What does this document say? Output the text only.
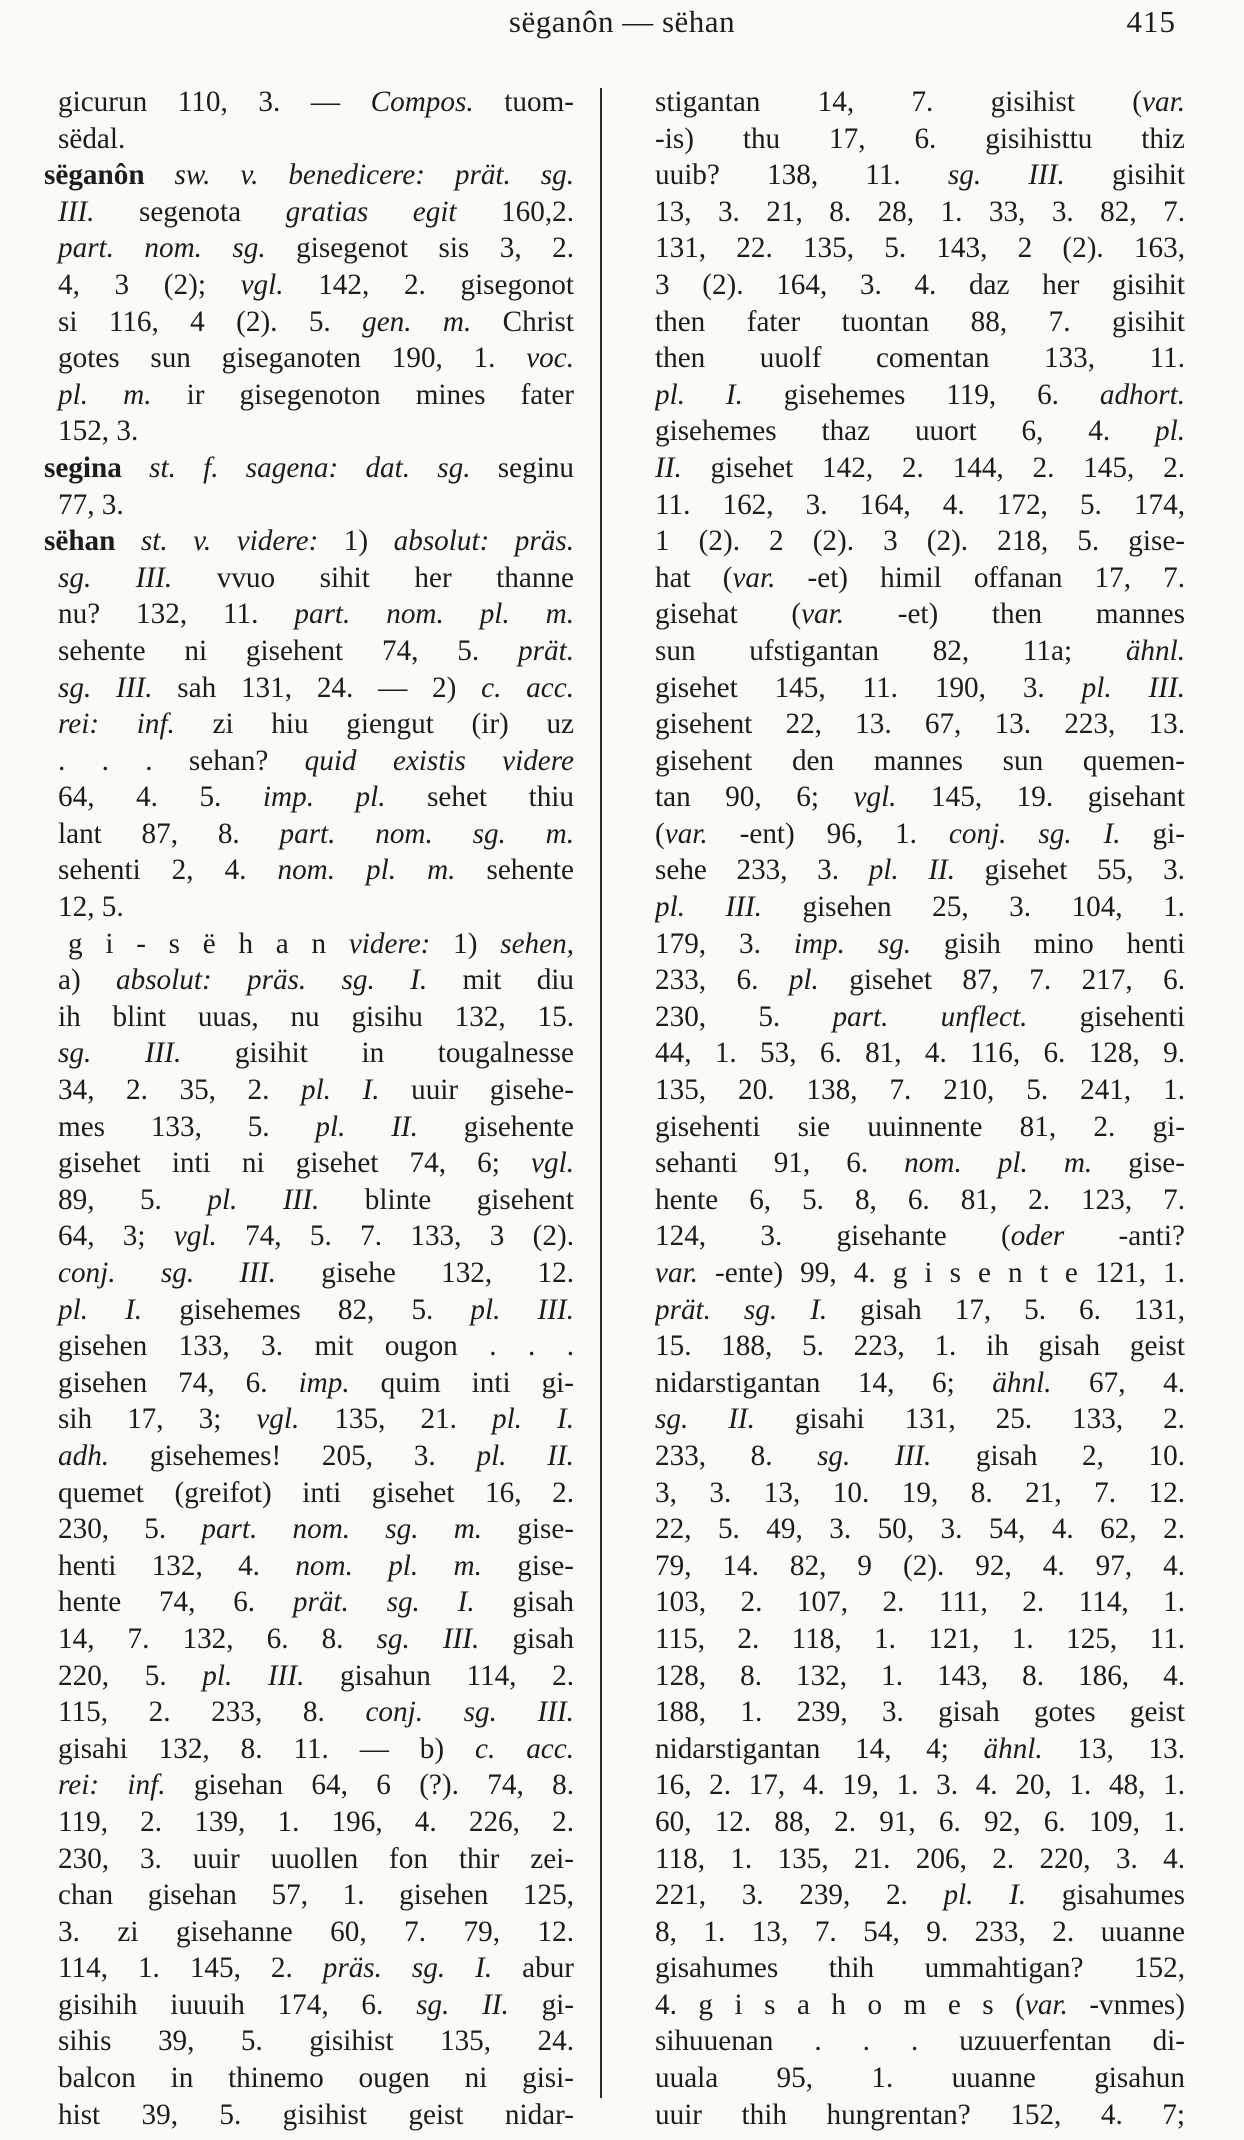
sëganôn — sëhan	415
gicurun 110, 3. — Compos. tuom-
sëdal.
sëganôn sw. v. benedicere: prät. sg.
III. segenota gratias egit 160,2.
part. nom. sg. gisegenot sis 3, 2.
4, 3 (2); vgl. 142, 2. gisegonot
si 116, 4 (2). 5. gen. m. Christ
gotes sun giseganoten 190, 1. voc.
pl. m. ir gisegenoton mines fater
152, 3.
segina st. f. sagena: dat. sg. seginu
77, 3.
sëhan st. v. videre: 1) absolut: präs.
sg. III. vvuo sihit her thanne
nu? 132, 11. part. nom. pl. m.
sehente ni gisehent 74, 5. prät.
sg. III. sah 131, 24. — 2) c. acc.
rei: inf. zi hiu giengut (ir) uz
. . . sehan? quid existis videre
64, 4. 5. imp. pl. sehet thiu
lant 87, 8. part. nom. sg. m.
sehenti 2, 4. nom. pl. m. sehente
12, 5.
g i - s ë h a n videre: 1) sehen,
a) absolut: präs. sg. I. mit diu
ih blint uuas, nu gisihu 132, 15.
sg. III. gisihit in tougalnesse
34, 2. 35, 2. pl. I. uuir gisehe-
mes 133, 5. pl. II. gisehente
gisehet inti ni gisehet 74, 6; vgl.
89, 5. pl. III. blinte gisehent
64, 3; vgl. 74, 5. 7. 133, 3 (2).
conj. sg. III. gisehe 132, 12.
pl. I. gisehemes 82, 5. pl. III.
gisehen 133, 3. mit ougon . . .
gisehen 74, 6. imp. quim inti gi-
sih 17, 3; vgl. 135, 21. pl. I.
adh. gisehemes! 205, 3. pl. II.
quemet (greifot) inti gisehet 16, 2.
230, 5. part. nom. sg. m. gise-
henti 132, 4. nom. pl. m. gise-
hente 74, 6. prät. sg. I. gisah
14, 7. 132, 6. 8. sg. III. gisah
220, 5. pl. III. gisahun 114, 2.
115, 2. 233, 8. conj. sg. III.
gisahi 132, 8. 11. — b) c. acc.
rei: inf. gisehan 64, 6 (?). 74, 8.
119, 2. 139, 1. 196, 4. 226, 2.
230, 3. uuir uuollen fon thir zei-
chan gisehan 57, 1. gisehen 125,
3. zi gisehanne 60, 7. 79, 12.
114, 1. 145, 2. präs. sg. I. abur
gisihih iuuuih 174, 6. sg. II. gi-
sihis 39, 5. gisihist 135, 24.
balcon in thinemo ougen ni gisi-
hist 39, 5. gisihist geist nidar-
stigantan 14, 7. gisihist (var.
-is) thu 17, 6. gisihisttu thiz
uuib? 138, 11. sg. III. gisihit
13, 3. 21, 8. 28, 1. 33, 3. 82, 7.
131, 22. 135, 5. 143, 2 (2). 163,
3 (2). 164, 3. 4. daz her gisihit
then fater tuontan 88, 7. gisihit
then uuolf comentan 133, 11.
pl. I. gisehemes 119, 6. adhort.
gisehemes thaz uuort 6, 4. pl.
II. gisehet 142, 2. 144, 2. 145, 2.
11. 162, 3. 164, 4. 172, 5. 174,
1 (2). 2 (2). 3 (2). 218, 5. gise-
hat (var. -et) himil offanan 17, 7.
gisehat (var. -et) then mannes
sun ufstigantan 82, 11a; ähnl.
gisehet 145, 11. 190, 3. pl. III.
gisehent 22, 13. 67, 13. 223, 13.
gisehent den mannes sun quemen-
tan 90, 6; vgl. 145, 19. gisehant
(var. -ent) 96, 1. conj. sg. I. gi-
sehe 233, 3. pl. II. gisehet 55, 3.
pl. III. gisehen 25, 3. 104, 1.
179, 3. imp. sg. gisih mino henti
233, 6. pl. gisehet 87, 7. 217, 6.
230, 5. part. unflect. gisehenti
44, 1. 53, 6. 81, 4. 116, 6. 128, 9.
135, 20. 138, 7. 210, 5. 241, 1.
gisehenti sie uuinnente 81, 2. gi-
sehanti 91, 6. nom. pl. m. gise-
hente 6, 5. 8, 6. 81, 2. 123, 7.
124, 3. gisehante (oder -anti?
var. -ente) 99, 4. g i s e n t e 121, 1.
prät. sg. I. gisah 17, 5. 6. 131,
15. 188, 5. 223, 1. ih gisah geist
nidarstigantan 14, 6; ähnl. 67, 4.
sg. II. gisahi 131, 25. 133, 2.
233, 8. sg. III. gisah 2, 10.
3, 3. 13, 10. 19, 8. 21, 7. 12.
22, 5. 49, 3. 50, 3. 54, 4. 62, 2.
79, 14. 82, 9 (2). 92, 4. 97, 4.
103, 2. 107, 2. 111, 2. 114, 1.
115, 2. 118, 1. 121, 1. 125, 11.
128, 8. 132, 1. 143, 8. 186, 4.
188, 1. 239, 3. gisah gotes geist
nidarstigantan 14, 4; ähnl. 13, 13.
16, 2. 17, 4. 19, 1. 3. 4. 20, 1. 48, 1.
60, 12. 88, 2. 91, 6. 92, 6. 109, 1.
118, 1. 135, 21. 206, 2. 220, 3. 4.
221, 3. 239, 2. pl. I. gisahumes
8, 1. 13, 7. 54, 9. 233, 2. uuanne
gisahumes thih ummahtigan? 152,
4. g i s a h o m e s (var. -vnmes)
sihuuenan . . . uzuuerfentan di-
uuala 95, 1. uuanne gisahun
uuir thih hungrentan? 152, 4. 7;
